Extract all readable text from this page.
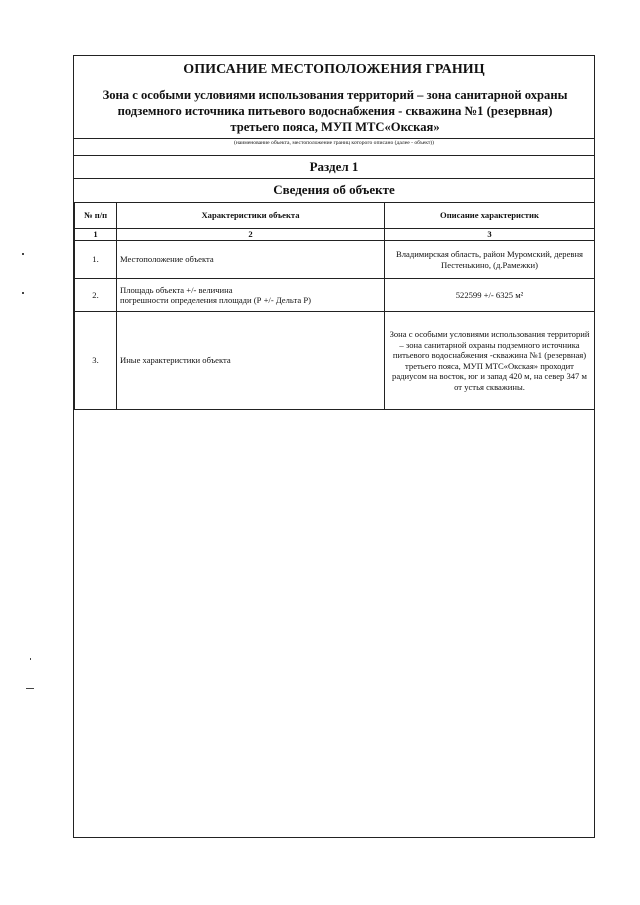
ОПИСАНИЕ МЕСТОПОЛОЖЕНИЯ ГРАНИЦ
Зона с особыми условиями использования территорий – зона санитарной охраны
подземного источника питьевого водоснабжения - скважина №1 (резервная)
третьего пояса, МУП МТС«Окская»
(наименование объекта, местоположение границ которого описано (далее - объект))
Раздел 1
Сведения об объекте
№ п/п	Характеристики объекта	Описание характеристик
1	2	3
1.	Местоположение объекта	Владимирская область, район Муромский, деревня Пестенькино, (д.Рамежки)
2.	Площадь объекта +/- величина
погрешности определения площади (Р +/- Дельта Р)	522599 +/- 6325 м²
3.	Иные характеристики объекта	Зона с особыми условиями использования территорий – зона санитарной охраны подземного источника питьевого водоснабжения -скважина №1 (резервная) третьего пояса, МУП МТС«Окская» проходит радиусом на восток, юг и запад 420 м, на север 347 м от устья скважины.
